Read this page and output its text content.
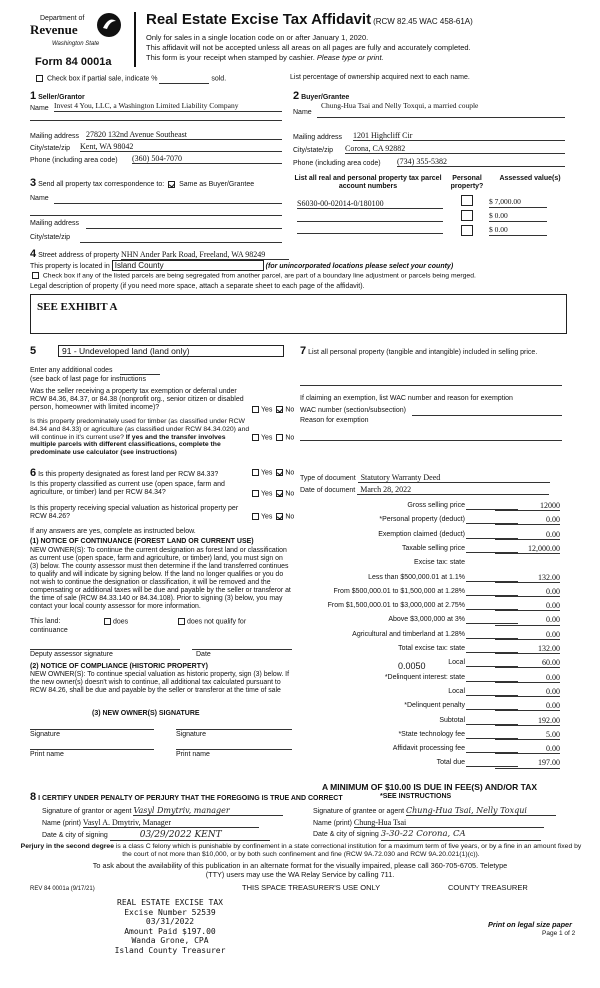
Department of
Revenue
Washington State
Form 84 0001a
Real Estate Excise Tax Affidavit (RCW 82.45 WAC 458-61A)
Only for sales in a single location code on or after January 1, 2020.
This affidavit will not be accepted unless all areas on all pages are fully and accurately completed.
This form is your receipt when stamped by cashier. Please type or print.
Check box if partial sale, indicate %	sold.	List percentage of ownership acquired next to each name.
1 Seller/Grantor
Name Invest 4 You, LLC, a Washington Limited Liability Company
Mailing address 27820 132nd Avenue Southeast
City/state/zip Kent, WA 98042
Phone (including area code) (360) 504-7070
2 Buyer/Grantee
Name
Chung-Hua Tsai and Nelly Toxqui, a married couple
Mailing address 1201 Highcliff Cir
City/state/zip Corona, CA 92882
Phone (including area code) (734) 355-5382
3 Send all property tax correspondence to: Same as Buyer/Grantee
Name
Mailing address
City/state/zip
List all real and personal property tax parcel account numbers
Personal property?
Assessed value(s)
S6030-00-02014-0/180100	$ 7,000.00
$ 0.00
$ 0.00
4 Street address of property NHN Ander Park Road, Freeland, WA 98249
This property is located in Island County	(for unincorporated locations please select your county)
Check box if any of the listed parcels are being segregated from another parcel, are part of a boundary line adjustment or parcels being merged.
Legal description of property (if you need more space, attach a separate sheet to each page of the affidavit).
SEE EXHIBIT A
5	91 - Undeveloped land (land only)
Enter any additional codes
(see back of last page for instructions
Was the seller receiving a property tax exemption or deferral under RCW 84.36, 84.37, or 84.38 (nonprofit org., senior citizen or disabled person, homeowner with limited income)?	Yes No
Is this property predominately used for timber (as classified under RCW 84.34 and 84.33) or agriculture (as classified under RCW 84.34.020) and will continue in it's current use? If yes and the transfer involves multiple parcels with different classifications, complete the predominate use calculator (see instructions)
Yes No
7 List all personal property (tangible and intangible) included in selling price.
If claiming an exemption, list WAC number and reason for exemption
WAC number (section/subsection)
Reason for exemption
6 Is this property designated as forest land per RCW 84.33?	Yes No
Is this property classified as current use (open space, farm and agriculture, or timber) land per RCW 84.34?	Yes No
Is this property receiving special valuation as historical property per RCW 84.26?	Yes No
If any answers are yes, complete as instructed below.
(1) NOTICE OF CONTINUANCE (FOREST LAND OR CURRENT USE)
NEW OWNER(S): To continue the current designation as forest land or classification as current use (open space, farm and agriculture, or timber) land, you must sign on (3) below. The county assessor must then determine if the land transferred continues to qualify and will indicate by signing below. If the land no longer qualifies or you do not wish to continue the designation or classification, it will be removed and the compensating or additional taxes will be due and payable by the seller or transferor at the time of sale (RCW 84.33.140 or 84.34.108). Prior to signing (3) below, you may contact your local county assessor for more information.
This land:
continuance
does	does not qualify for
Deputy assessor signature	Date
(2) NOTICE OF COMPLIANCE (HISTORIC PROPERTY)
NEW OWNER(S): To continue special valuation as historic property, sign (3) below. If the new owner(s) doesn't wish to continue, all additional tax calculated pursuant to RCW 84.26, shall be due and payable by the seller or transferor at the time of sale
(3) NEW OWNER(S) SIGNATURE
Signature	Signature
Print name	Print name
Type of document Statutory Warranty Deed
Date of document March 28, 2022
Gross selling price	12000
*Personal property (deduct)	0.00
Exemption claimed (deduct)	0.00
Taxable selling price	12,000.00
Excise tax: state
Less than $500,000.01 at 1.1%	132.00
From $500,000.01 to $1,500,000 at 1.28%	0.00
From $1,500,000.01 to $3,000,000 at 2.75%	0.00
Above $3,000,000 at 3%	0.00
Agricultural and timberland at 1.28%	0.00
Total excise tax: state	132.00
Local	60.00
*Delinquent interest: state	0.00
Local	0.00
*Delinquent penalty	0.00
Subtotal	192.00
*State technology fee	5.00
Affidavit processing fee	0.00
Total due	197.00
0.0050
A MINIMUM OF $10.00 IS DUE IN FEE(S) AND/OR TAX
*SEE INSTRUCTIONS
8 I CERTIFY UNDER PENALTY OF PERJURY THAT THE FOREGOING IS TRUE AND CORRECT
Signature of grantor or agent Vasyl Dmytriv, manager
Name (print) Vasyl A. Dmytriv, Manager
Date & city of signing	03/29/2022 KENT
Signature of grantee or agent Chung-Hua Tsai, Nelly Toxqui
Name (print) Chung-Hua Tsai
Date & city of signing 3-30-22 Corona, CA
Perjury in the second degree is a class C felony which is punishable by confinement in a state correctional institution for a maximum term of five years, or by a fine in an amount fixed by the court of not more than $10,000, or by both such confinement and fine (RCW 9A.72.030 and RCW 9A.20.021(1)(c)).
To ask about the availability of this publication in an alternate format for the visually impaired, please call 360-705-6705. Teletype
(TTY) users may use the WA Relay Service by calling 711.
REV 84 0001a (9/17/21)	THIS SPACE TREASURER'S USE ONLY	COUNTY TREASURER
REAL ESTATE EXCISE TAX
Excise Number 52539
03/31/2022
Amount Paid $197.00
Wanda Grone, CPA
Island County Treasurer
Print on legal size paper
Page 1 of 2
